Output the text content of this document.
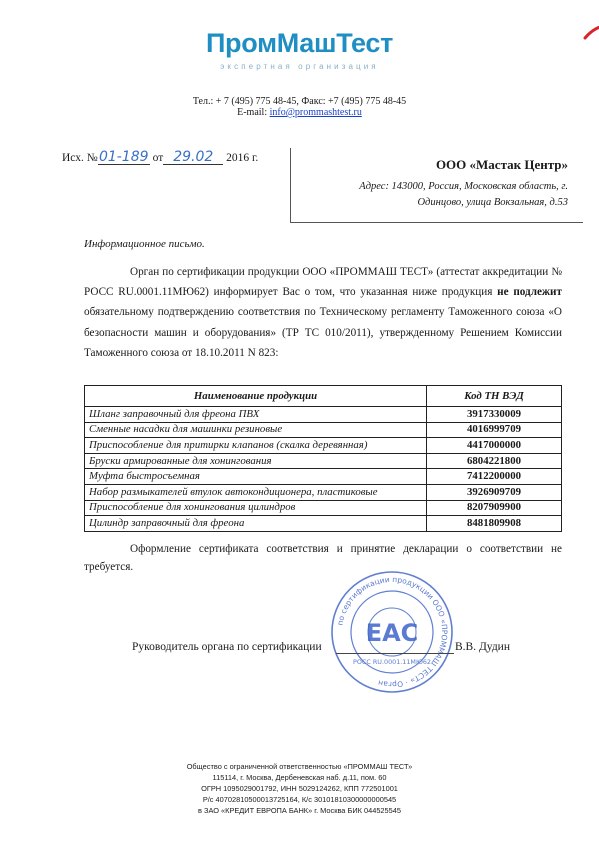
ПромМашТест
экспертная организация
Тел.: + 7 (495) 775 48-45, Факс: +7 (495) 775 48-45
E-mail: info@prommashtest.ru
Исх. №01-189 от 29.02 2016 г.	ООО «Мастак Центр»
Адрес: 143000, Россия, Московская область, г.
Одинцово, улица Вокзальная, д.53
Информационное письмо.
Орган по сертификации продукции ООО «ПРОММАШ ТЕСТ» (аттестат аккредитации № РОСС RU.0001.11МЮ62) информирует Вас о том, что указанная ниже продукция не подлежит обязательному подтверждению соответствия по Техническому регламенту Таможенного союза «О безопасности машин и оборудования» (ТР ТС 010/2011), утвержденному Решением Комиссии Таможенного союза от 18.10.2011 N 823:
Наименование продукции	Код ТН ВЭД
Шланг заправочный для фреона ПВХ	3917330009
Сменные насадки для машинки резиновые	4016999709
Приспособление для притирки клапанов (скалка деревянная)	4417000000
Бруски армированные для хонингования	6804221800
Муфта быстросъемная	7412200000
Набор размыкателей втулок автокондиционера, пластиковые	3926909709
Приспособление для хонингования цилиндров	8207909900
Цилиндр заправочный для фреона	8481809908
Оформление сертификата соответствия и принятие декларации о соответствии не требуется.
по сертификации продукции ООО «ПРОММАШ ТЕСТ» · Орган
ЕАС
РОСС RU.0001.11МЮ62
Руководитель органа по сертификации	В.В. Дудин
Общество с ограниченной ответственностью «ПРОММАШ ТЕСТ»
115114, г. Москва, Дербеневская наб. д.11, пом. 60
ОГРН 1095029001792, ИНН 5029124262, КПП 772501001
Р/с 40702810500013725164, К/с 30101810300000000545
в ЗАО «КРЕДИТ ЕВРОПА БАНК» г. Москва БИК 044525545
